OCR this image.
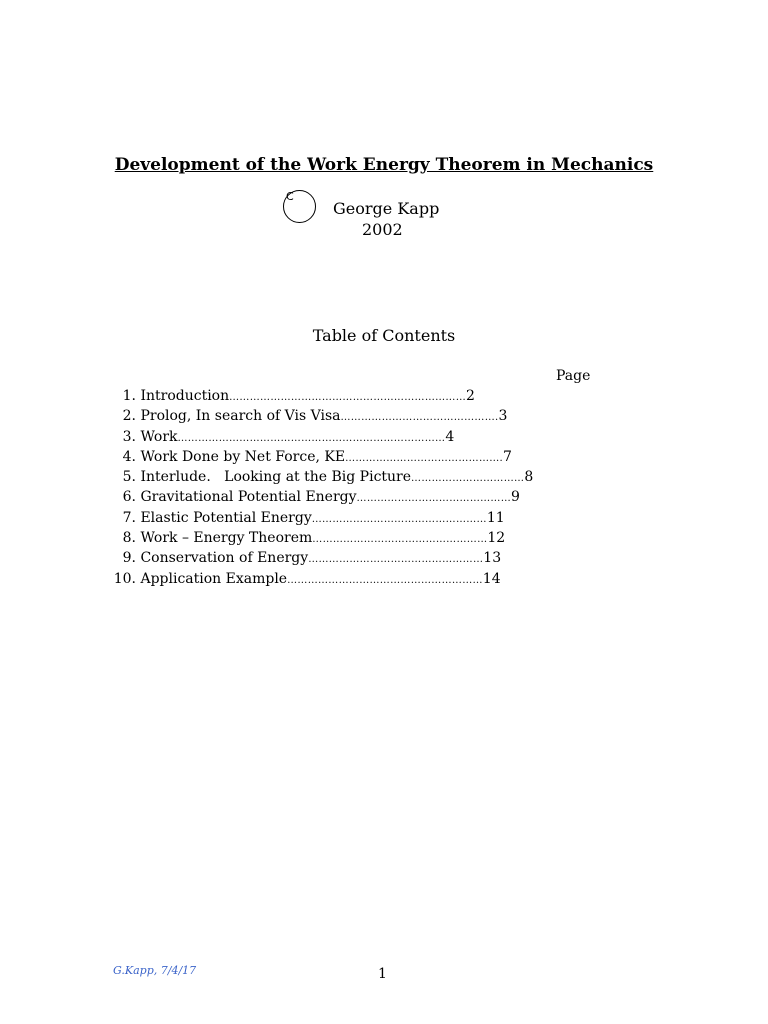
Development of the Work Energy Theorem in Mechanics
C
George Kapp
2002
Table of Contents
Page
1. Introduction……………………………………………………………2
2. Prolog, In search of Vis Visa……………………………………….3
3. Work……………………………………………………………………4
4. Work Done by Net Force, KE……………………………………….7
5. Interlude.   Looking at the Big Picture……………………………8
6. Gravitational Potential Energy………………………………………9
7. Elastic Potential Energy……………………………………………11
8. Work – Energy Theorem……………………………………………12
9. Conservation of Energy……………………………………………13
10. Application Example…………………………………………………14
G.Kapp, 7/4/17	1
